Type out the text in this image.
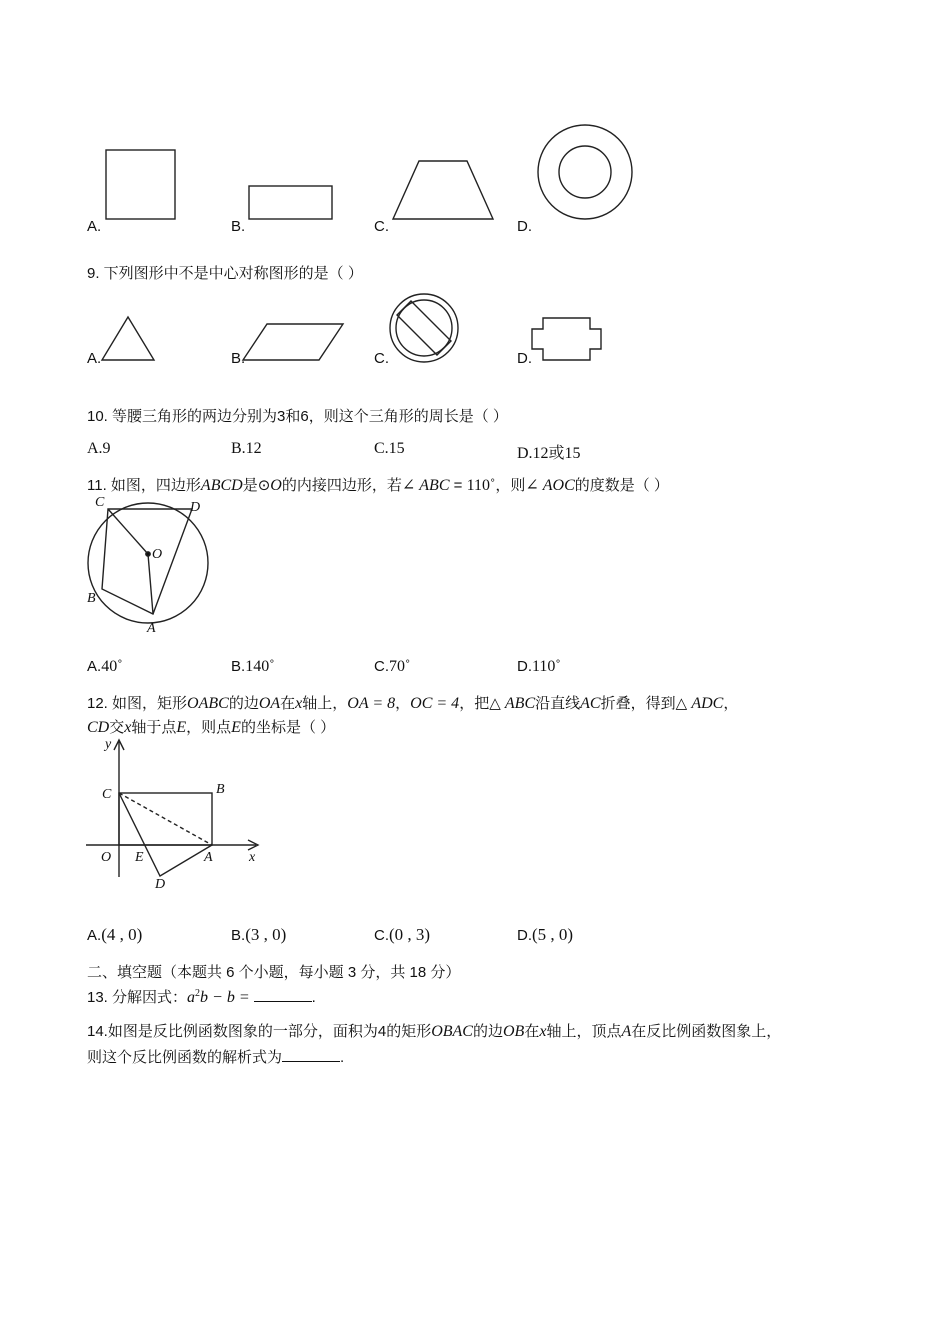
A.	B.	C.	D.
9. 下列图形中不是中心对称图形的是（ ）
A.	B.	C.	D.
10. 等腰三角形的两边分别为3和6，则这个三角形的周长是（ ）
A.9	B.12	C.15	D.12或15
11. 如图，四边形ABCD是⊙O的内接四边形，若∠ ABC = 110˚，则∠ AOC的度数是（ ）
C	D
O
B
A
A.40˚	B.140˚	C.70˚	D.110˚
12. 如图，矩形OABC的边OA在x轴上，OA = 8，OC = 4，把△ ABC沿直线AC折叠，得到△ ADC，
CD交x轴于点E，则点E的坐标是（ ）
y
C	B
O E	A	x
D
A.(4 , 0)	B.(3 , 0)	C.(0 , 3)	D.(5 , 0)
二、填空题（本题共 6 个小题，每小题 3 分，共 18 分）
13. 分解因式：$a^2b - b$ =	.
14.如图是反比例函数图象的一部分，面积为4的矩形OBAC的边OB在x轴上，顶点A在反比例函数图象上，
则这个反比例函数的解析式为	.
